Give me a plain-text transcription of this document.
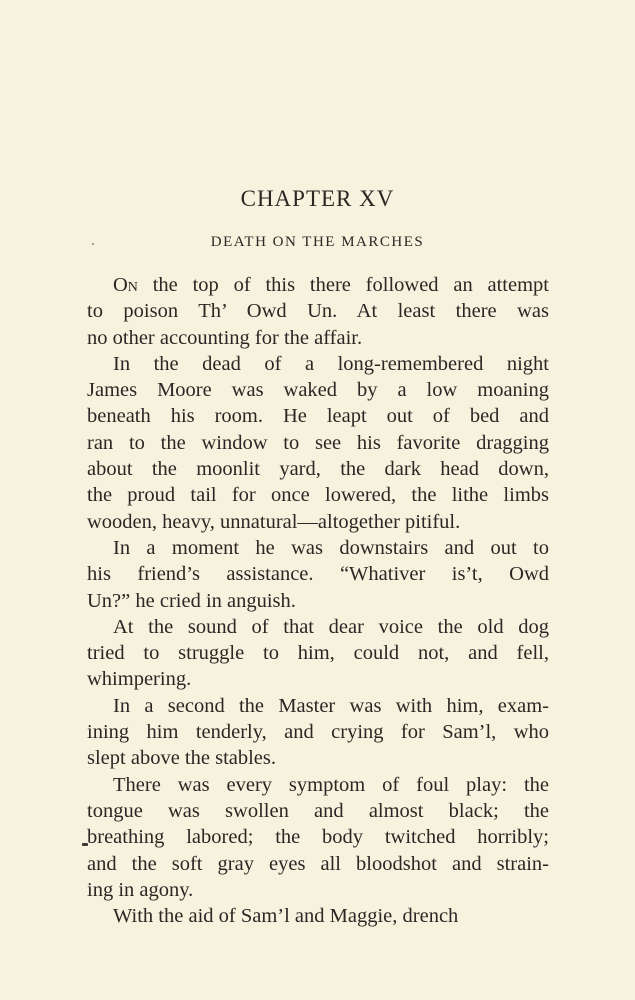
CHAPTER XV
DEATH ON THE MARCHES
On the top of this there followed an attempt
to poison Th’ Owd Un. At least there was
no other accounting for the affair.
In the dead of a long-remembered night
James Moore was waked by a low moaning
beneath his room. He leapt out of bed and
ran to the window to see his favorite dragging
about the moonlit yard, the dark head down,
the proud tail for once lowered, the lithe limbs
wooden, heavy, unnatural—altogether pitiful.
In a moment he was downstairs and out to
his friend’s assistance. “Whativer is’t, Owd
Un?” he cried in anguish.
At the sound of that dear voice the old dog
tried to struggle to him, could not, and fell,
whimpering.
In a second the Master was with him, exam-
ining him tenderly, and crying for Sam’l, who
slept above the stables.
There was every symptom of foul play: the
tongue was swollen and almost black; the
breathing labored; the body twitched horribly;
and the soft gray eyes all bloodshot and strain-
ing in agony.
With the aid of Sam’l and Maggie, drench
